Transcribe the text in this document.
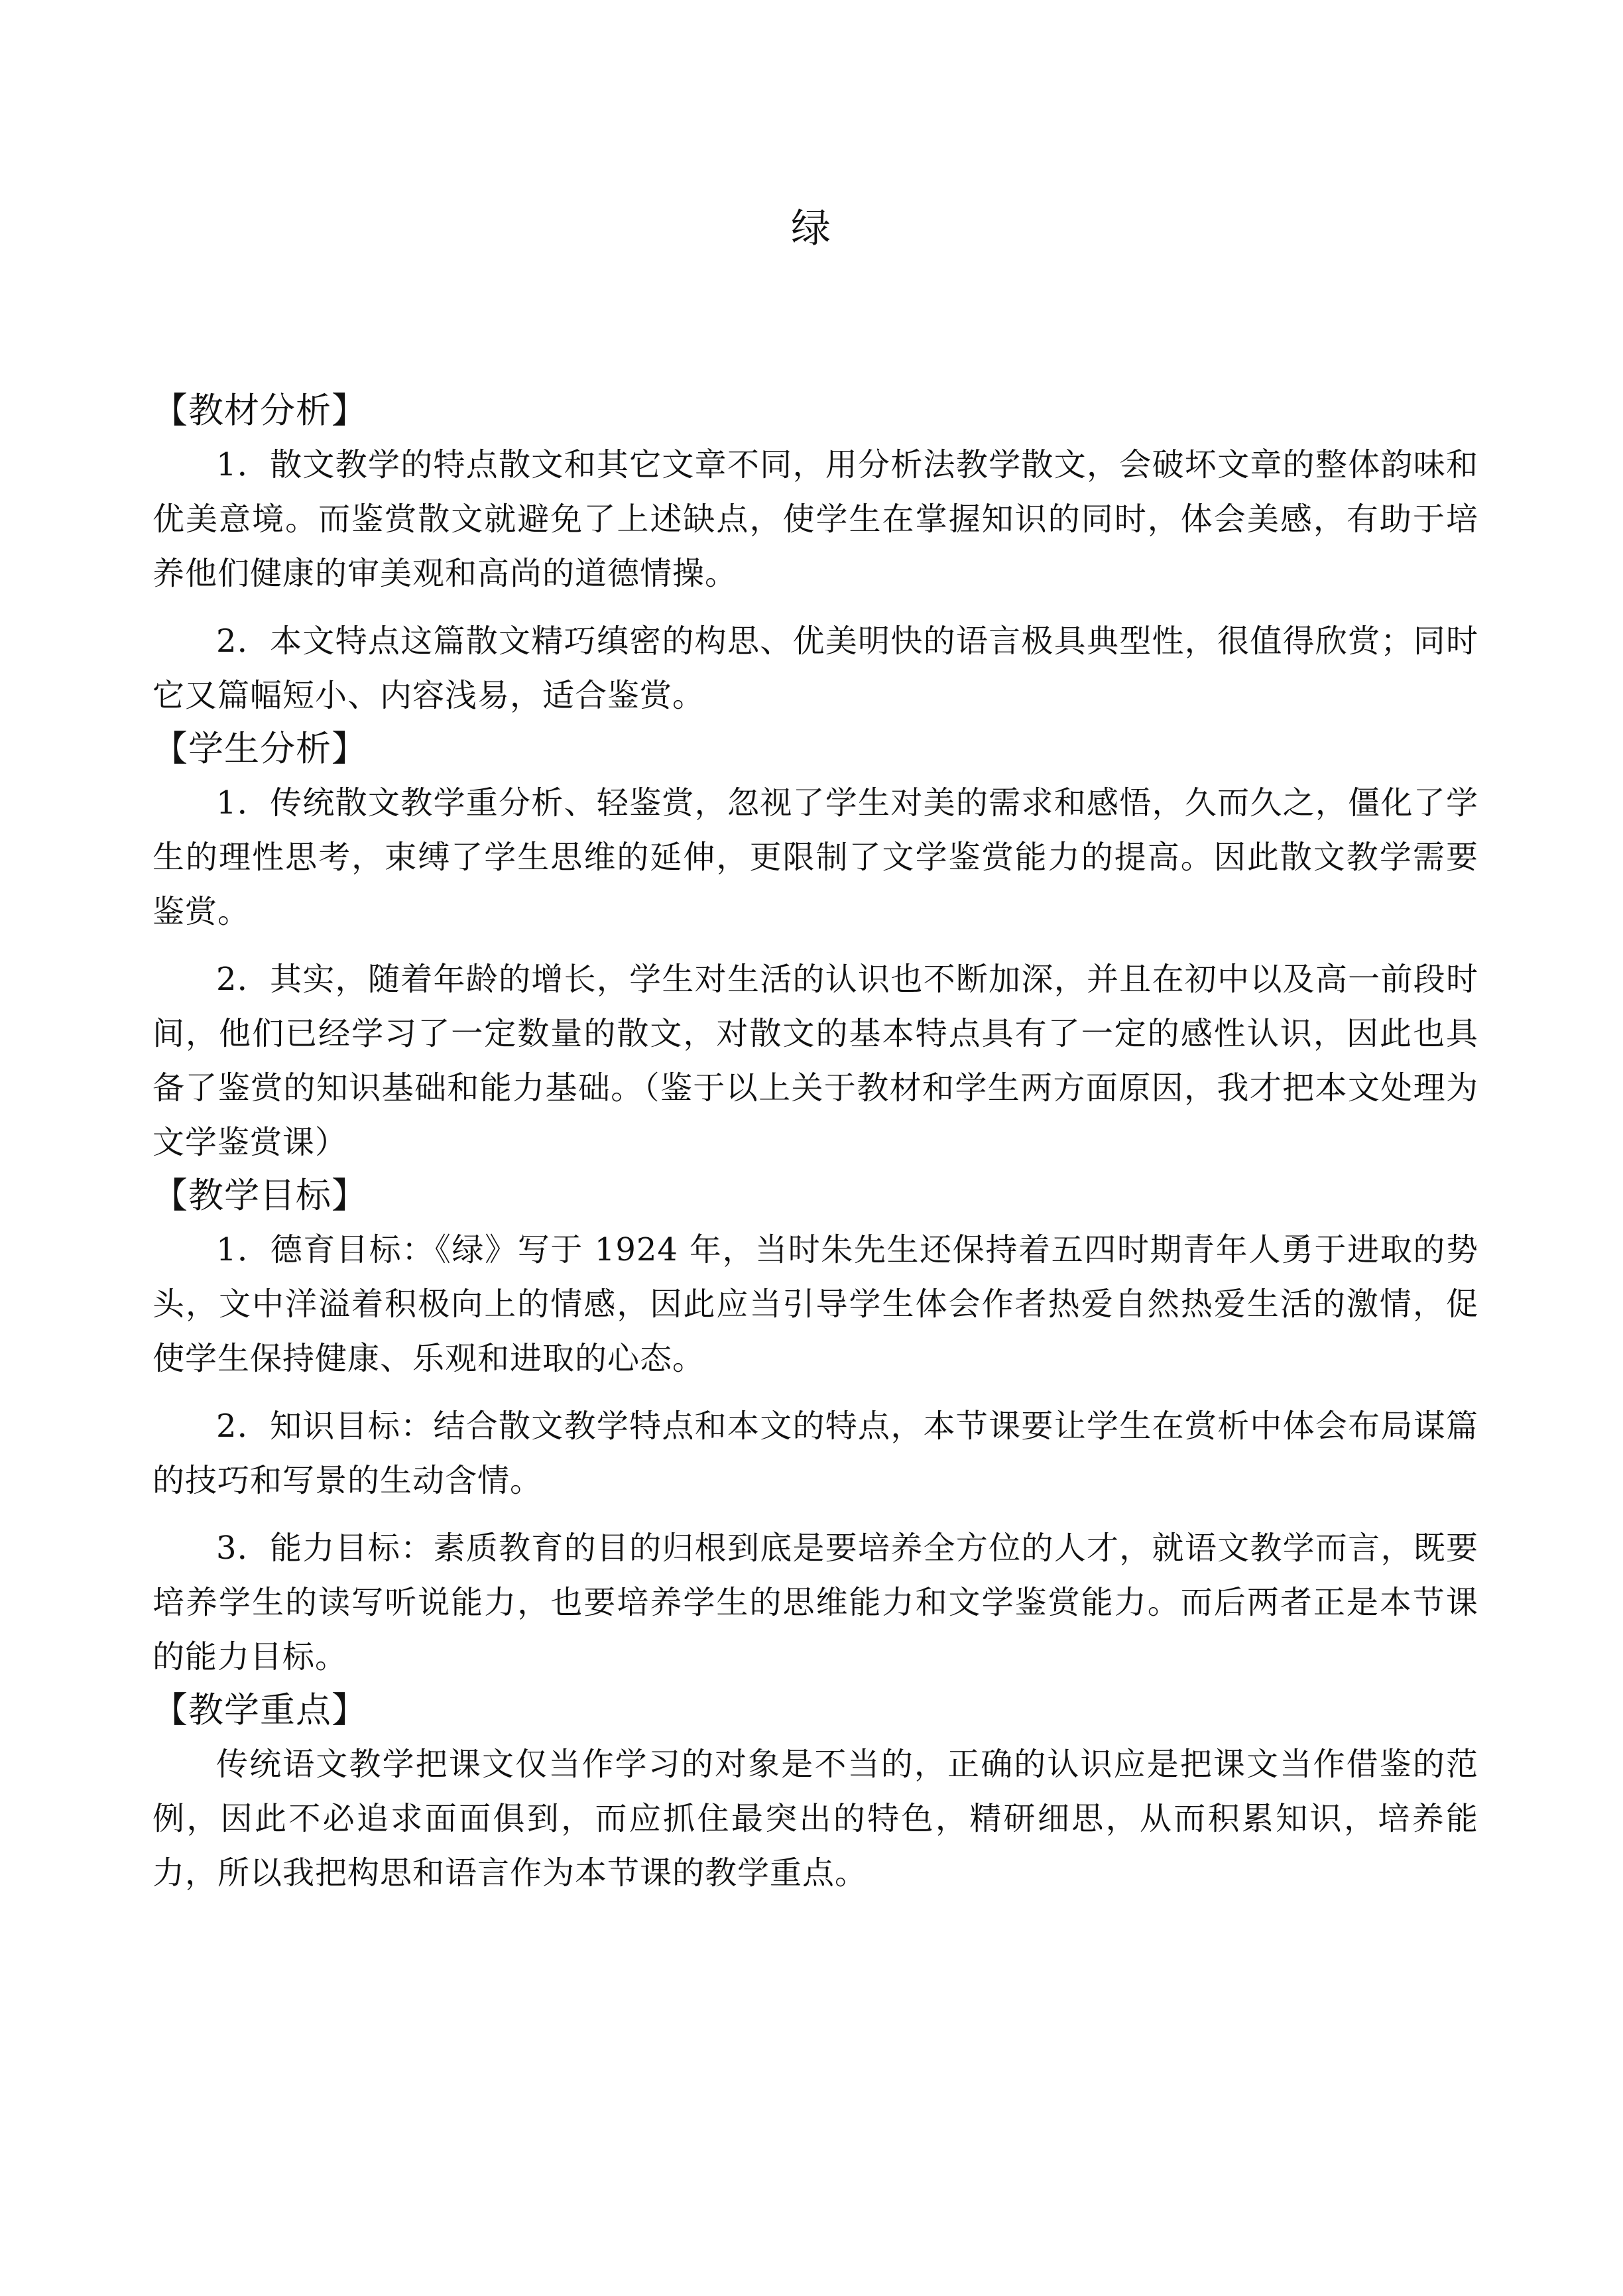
绿
【教材分析】

1．散文教学的特点散文和其它文章不同，用分析法教学散文，会破坏文章的整体韵味和优美意境。而鉴赏散文就避免了上述缺点，使学生在掌握知识的同时，体会美感，有助于培养他们健康的审美观和高尚的道德情操。

2．本文特点这篇散文精巧缜密的构思、优美明快的语言极具典型性，很值得欣赏；同时它又篇幅短小、内容浅易，适合鉴赏。

【学生分析】

1．传统散文教学重分析、轻鉴赏，忽视了学生对美的需求和感悟，久而久之，僵化了学生的理性思考，束缚了学生思维的延伸，更限制了文学鉴赏能力的提高。因此散文教学需要鉴赏。

2．其实，随着年龄的增长，学生对生活的认识也不断加深，并且在初中以及高一前段时间，他们已经学习了一定数量的散文，对散文的基本特点具有了一定的感性认识，因此也具备了鉴赏的知识基础和能力基础。（鉴于以上关于教材和学生两方面原因，我才把本文处理为文学鉴赏课）

【教学目标】

1．德育目标：《绿》写于 1924 年，当时朱先生还保持着五四时期青年人勇于进取的势头，文中洋溢着积极向上的情感，因此应当引导学生体会作者热爱自然热爱生活的激情，促使学生保持健康、乐观和进取的心态。

2．知识目标：结合散文教学特点和本文的特点，本节课要让学生在赏析中体会布局谋篇的技巧和写景的生动含情。

3．能力目标：素质教育的目的归根到底是要培养全方位的人才，就语文教学而言，既要培养学生的读写听说能力，也要培养学生的思维能力和文学鉴赏能力。而后两者正是本节课的能力目标。

【教学重点】

传统语文教学把课文仅当作学习的对象是不当的，正确的认识应是把课文当作借鉴的范例，因此不必追求面面俱到，而应抓住最突出的特色，精研细思，从而积累知识，培养能力，所以我把构思和语言作为本节课的教学重点。
